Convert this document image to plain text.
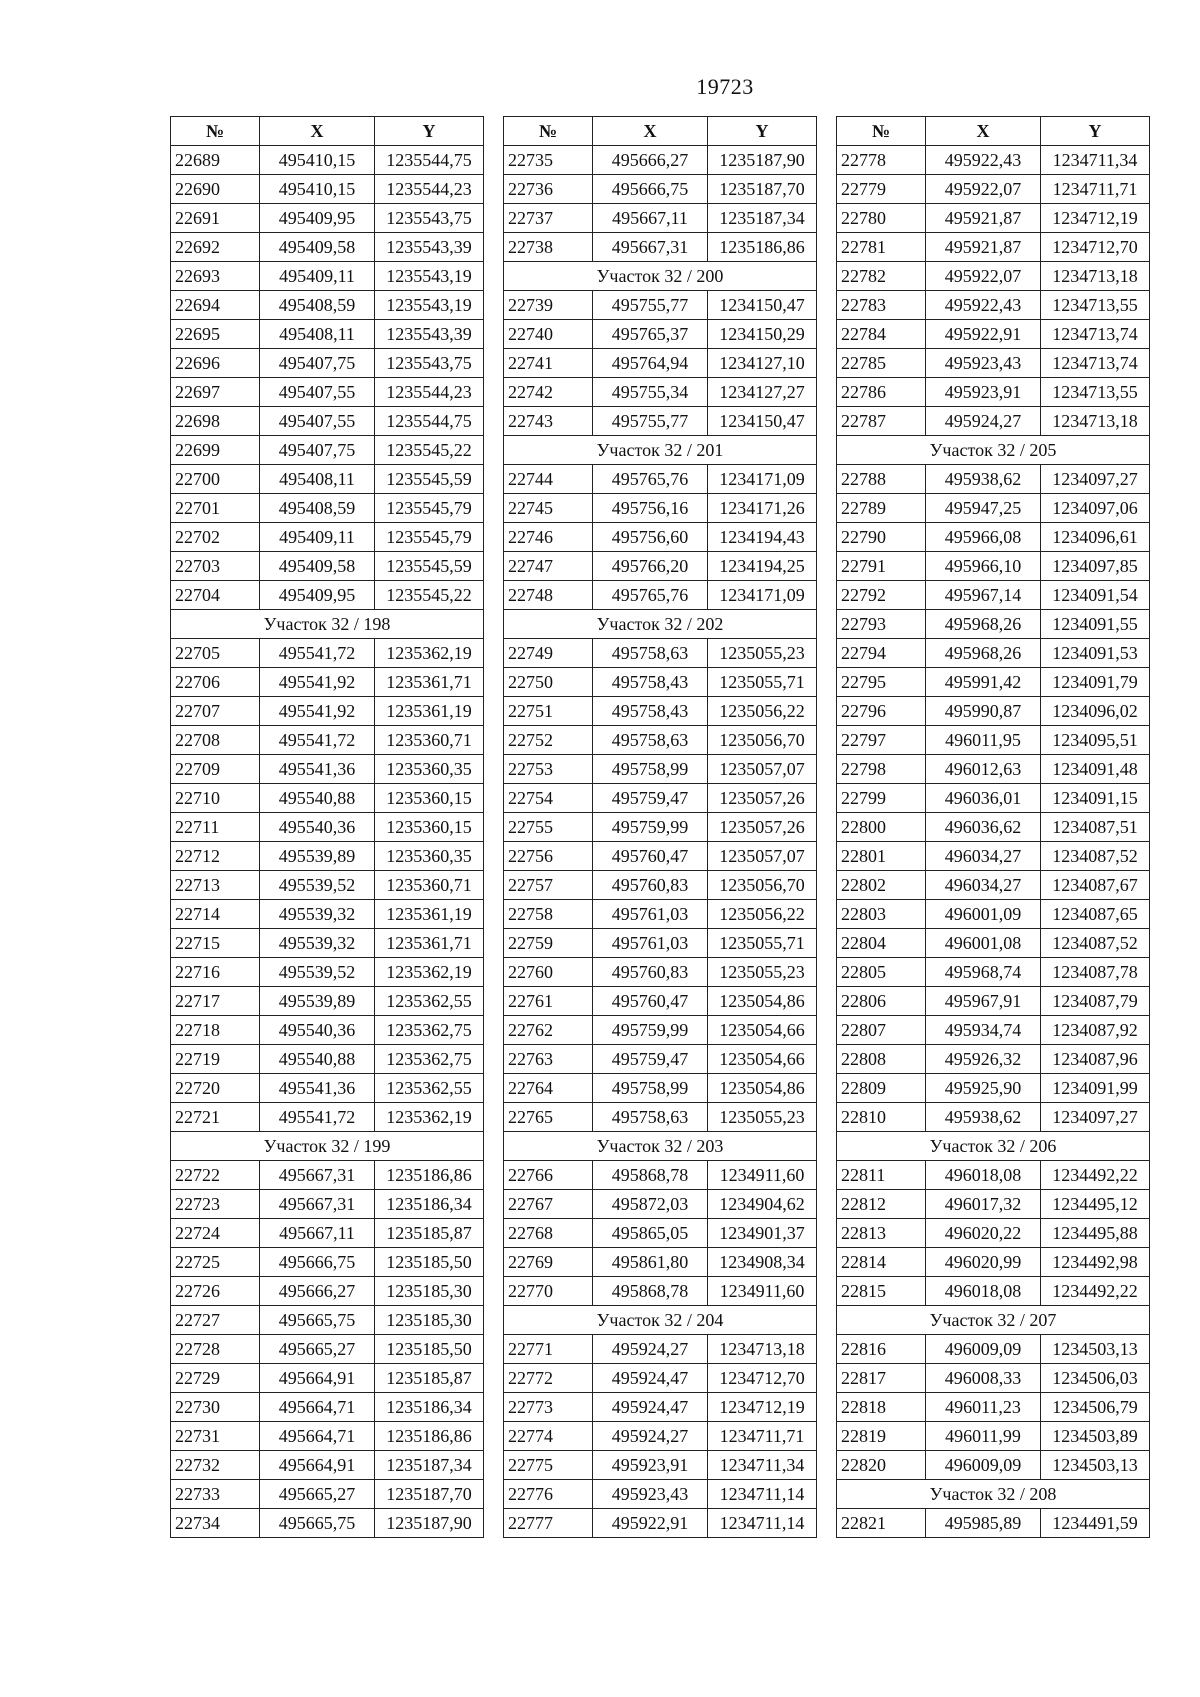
19723
№	X	Y
22689	495410,15	1235544,75
22690	495410,15	1235544,23
22691	495409,95	1235543,75
22692	495409,58	1235543,39
22693	495409,11	1235543,19
22694	495408,59	1235543,19
22695	495408,11	1235543,39
22696	495407,75	1235543,75
22697	495407,55	1235544,23
22698	495407,55	1235544,75
22699	495407,75	1235545,22
22700	495408,11	1235545,59
22701	495408,59	1235545,79
22702	495409,11	1235545,79
22703	495409,58	1235545,59
22704	495409,95	1235545,22
Участок 32 / 198		
22705	495541,72	1235362,19
22706	495541,92	1235361,71
22707	495541,92	1235361,19
22708	495541,72	1235360,71
22709	495541,36	1235360,35
22710	495540,88	1235360,15
22711	495540,36	1235360,15
22712	495539,89	1235360,35
22713	495539,52	1235360,71
22714	495539,32	1235361,19
22715	495539,32	1235361,71
22716	495539,52	1235362,19
22717	495539,89	1235362,55
22718	495540,36	1235362,75
22719	495540,88	1235362,75
22720	495541,36	1235362,55
22721	495541,72	1235362,19
Участок 32 / 199		
22722	495667,31	1235186,86
22723	495667,31	1235186,34
22724	495667,11	1235185,87
22725	495666,75	1235185,50
22726	495666,27	1235185,30
22727	495665,75	1235185,30
22728	495665,27	1235185,50
22729	495664,91	1235185,87
22730	495664,71	1235186,34
22731	495664,71	1235186,86
22732	495664,91	1235187,34
22733	495665,27	1235187,70
22734	495665,75	1235187,90
№	X	Y
22735	495666,27	1235187,90
22736	495666,75	1235187,70
22737	495667,11	1235187,34
22738	495667,31	1235186,86
Участок 32 / 200		
22739	495755,77	1234150,47
22740	495765,37	1234150,29
22741	495764,94	1234127,10
22742	495755,34	1234127,27
22743	495755,77	1234150,47
Участок 32 / 201		
22744	495765,76	1234171,09
22745	495756,16	1234171,26
22746	495756,60	1234194,43
22747	495766,20	1234194,25
22748	495765,76	1234171,09
Участок 32 / 202		
22749	495758,63	1235055,23
22750	495758,43	1235055,71
22751	495758,43	1235056,22
22752	495758,63	1235056,70
22753	495758,99	1235057,07
22754	495759,47	1235057,26
22755	495759,99	1235057,26
22756	495760,47	1235057,07
22757	495760,83	1235056,70
22758	495761,03	1235056,22
22759	495761,03	1235055,71
22760	495760,83	1235055,23
22761	495760,47	1235054,86
22762	495759,99	1235054,66
22763	495759,47	1235054,66
22764	495758,99	1235054,86
22765	495758,63	1235055,23
Участок 32 / 203		
22766	495868,78	1234911,60
22767	495872,03	1234904,62
22768	495865,05	1234901,37
22769	495861,80	1234908,34
22770	495868,78	1234911,60
Участок 32 / 204		
22771	495924,27	1234713,18
22772	495924,47	1234712,70
22773	495924,47	1234712,19
22774	495924,27	1234711,71
22775	495923,91	1234711,34
22776	495923,43	1234711,14
22777	495922,91	1234711,14
№	X	Y
22778	495922,43	1234711,34
22779	495922,07	1234711,71
22780	495921,87	1234712,19
22781	495921,87	1234712,70
22782	495922,07	1234713,18
22783	495922,43	1234713,55
22784	495922,91	1234713,74
22785	495923,43	1234713,74
22786	495923,91	1234713,55
22787	495924,27	1234713,18
Участок 32 / 205		
22788	495938,62	1234097,27
22789	495947,25	1234097,06
22790	495966,08	1234096,61
22791	495966,10	1234097,85
22792	495967,14	1234091,54
22793	495968,26	1234091,55
22794	495968,26	1234091,53
22795	495991,42	1234091,79
22796	495990,87	1234096,02
22797	496011,95	1234095,51
22798	496012,63	1234091,48
22799	496036,01	1234091,15
22800	496036,62	1234087,51
22801	496034,27	1234087,52
22802	496034,27	1234087,67
22803	496001,09	1234087,65
22804	496001,08	1234087,52
22805	495968,74	1234087,78
22806	495967,91	1234087,79
22807	495934,74	1234087,92
22808	495926,32	1234087,96
22809	495925,90	1234091,99
22810	495938,62	1234097,27
Участок 32 / 206		
22811	496018,08	1234492,22
22812	496017,32	1234495,12
22813	496020,22	1234495,88
22814	496020,99	1234492,98
22815	496018,08	1234492,22
Участок 32 / 207		
22816	496009,09	1234503,13
22817	496008,33	1234506,03
22818	496011,23	1234506,79
22819	496011,99	1234503,89
22820	496009,09	1234503,13
Участок 32 / 208		
22821	495985,89	1234491,59
